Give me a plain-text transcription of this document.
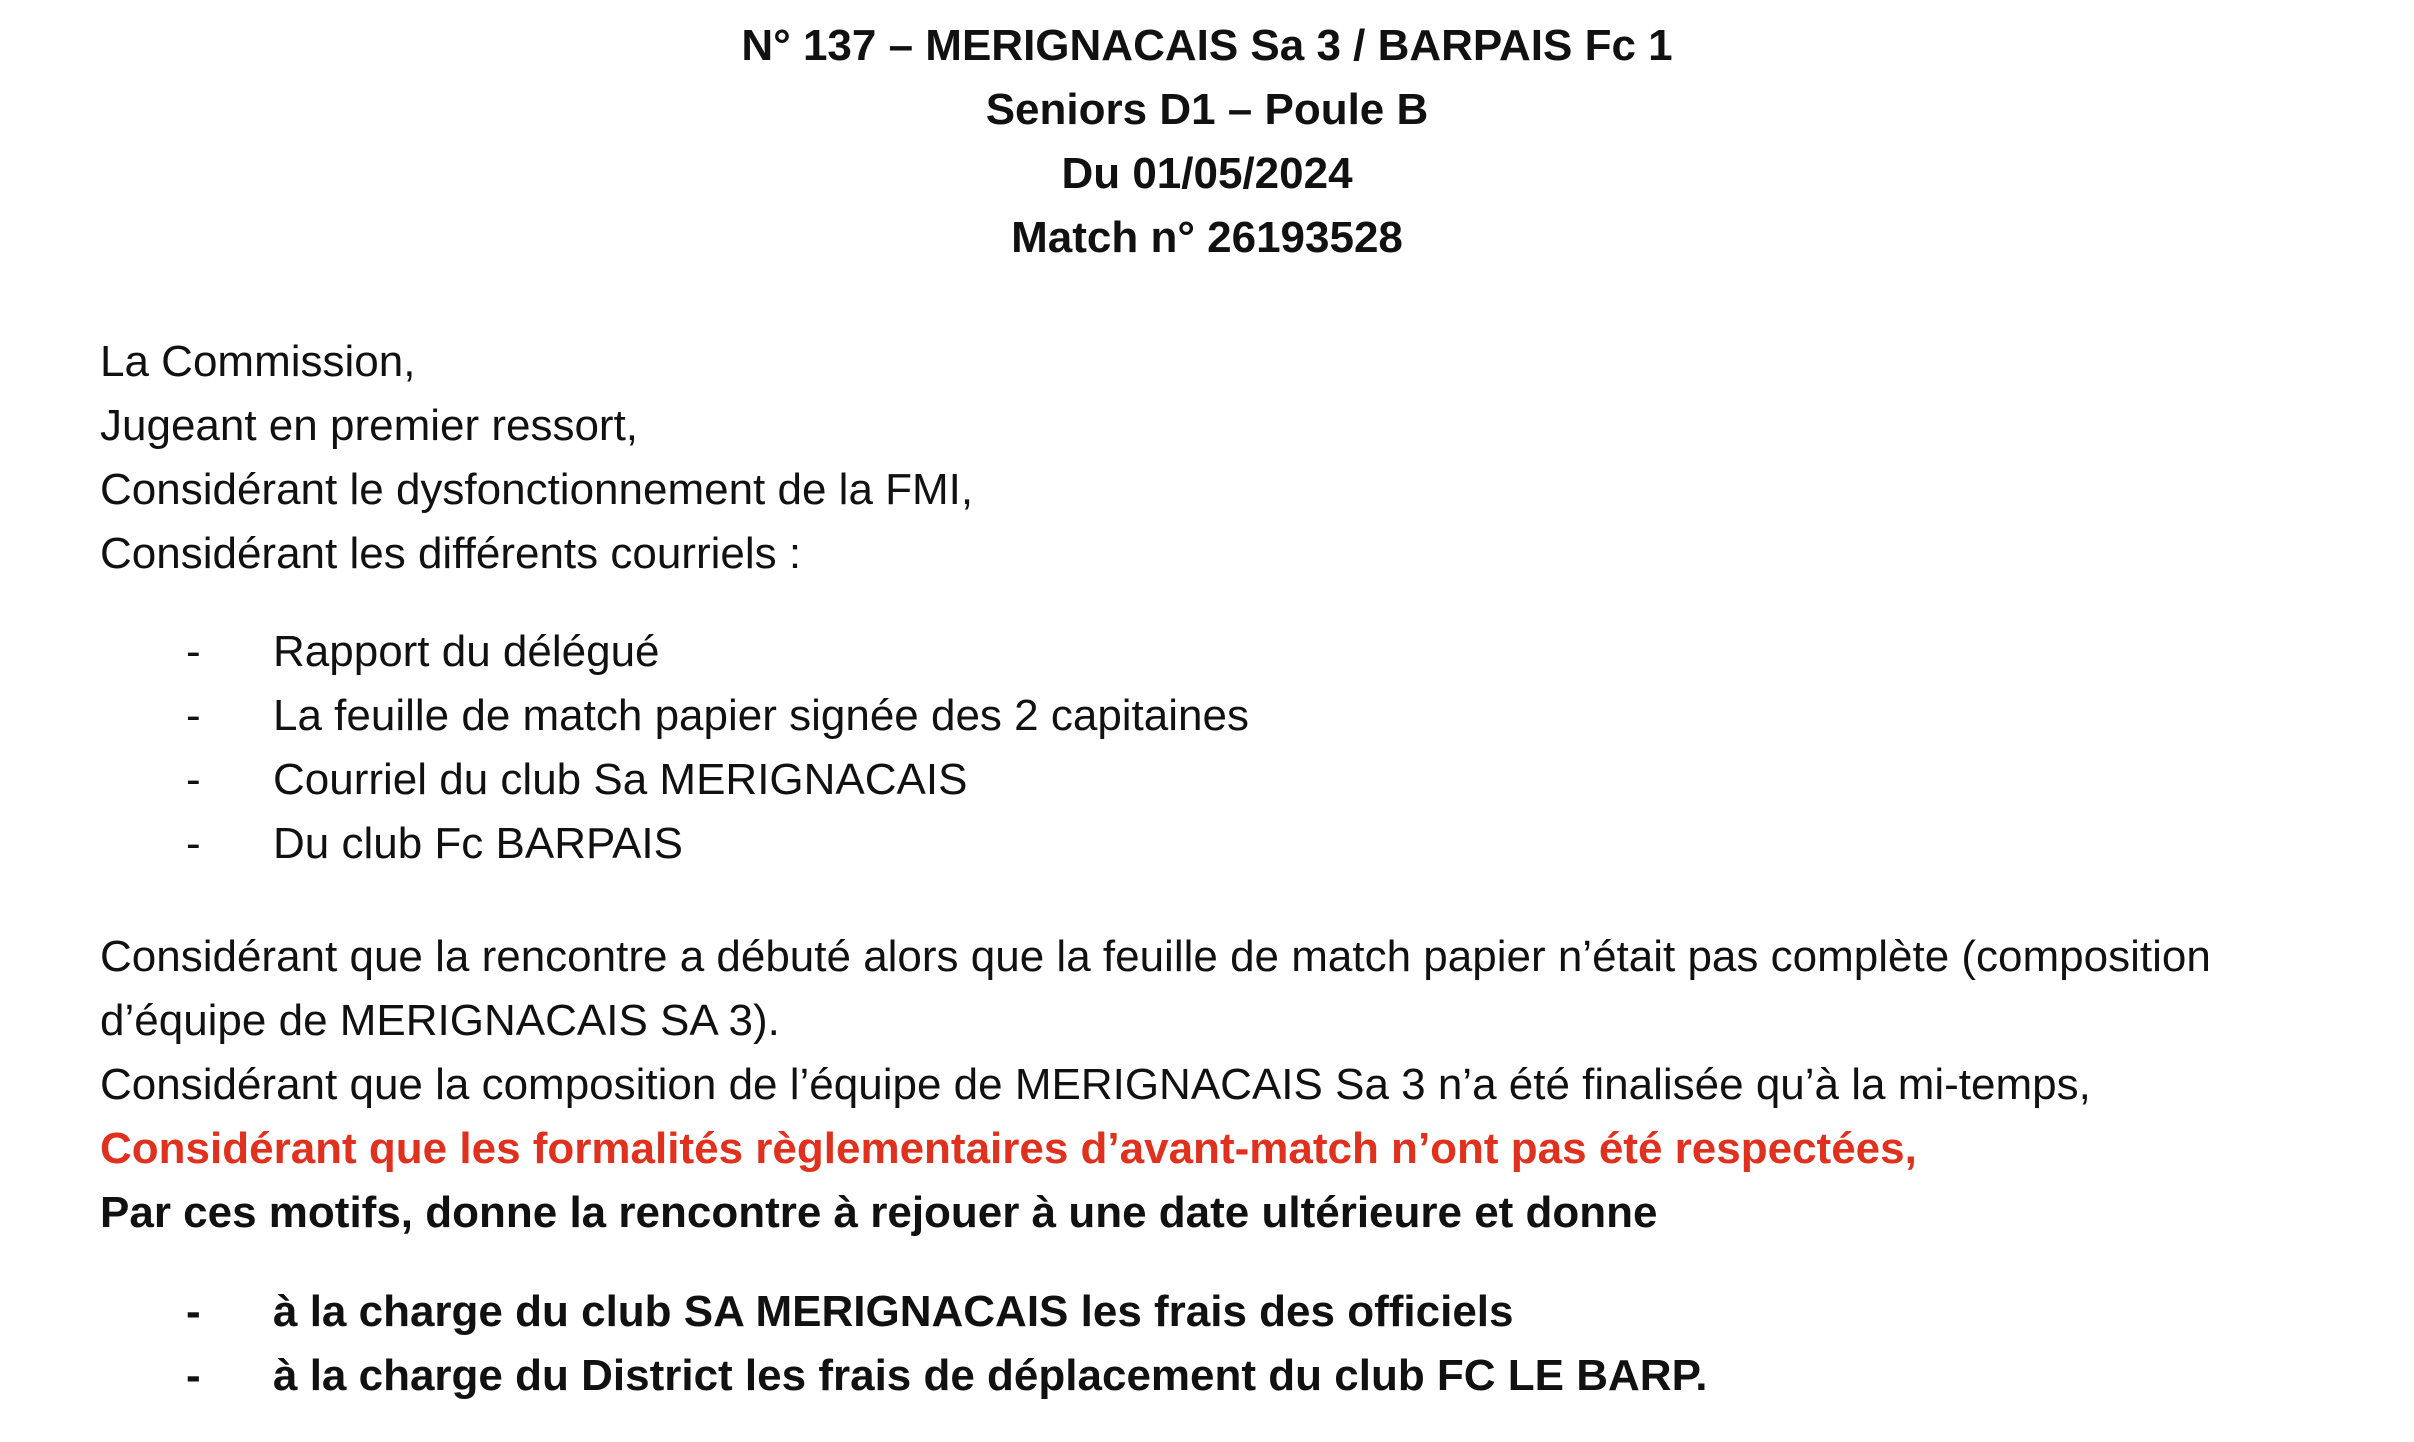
N° 137 – MERIGNACAIS Sa 3 / BARPAIS Fc 1
Seniors D1 – Poule B
Du 01/05/2024
Match n° 26193528

La Commission,

Jugeant en premier ressort,

Considérant le dysfonctionnement de la FMI,

Considérant les différents courriels :

- Rapport du délégué
- La feuille de match papier signée des 2 capitaines
- Courriel du club Sa MERIGNACAIS
- Du club Fc BARPAIS

Considérant que la rencontre a débuté alors que la feuille de match papier n’était pas complète (composition

d’équipe de MERIGNACAIS SA 3).

Considérant que la composition de l’équipe de MERIGNACAIS Sa 3 n’a été finalisée qu’à la mi-temps,

Considérant que les formalités règlementaires d’avant-match n’ont pas été respectées,

Par ces motifs, donne la rencontre à rejouer à une date ultérieure et donne

- à la charge du club SA MERIGNACAIS les frais des officiels
- à la charge du District les frais de déplacement du club FC LE BARP.
